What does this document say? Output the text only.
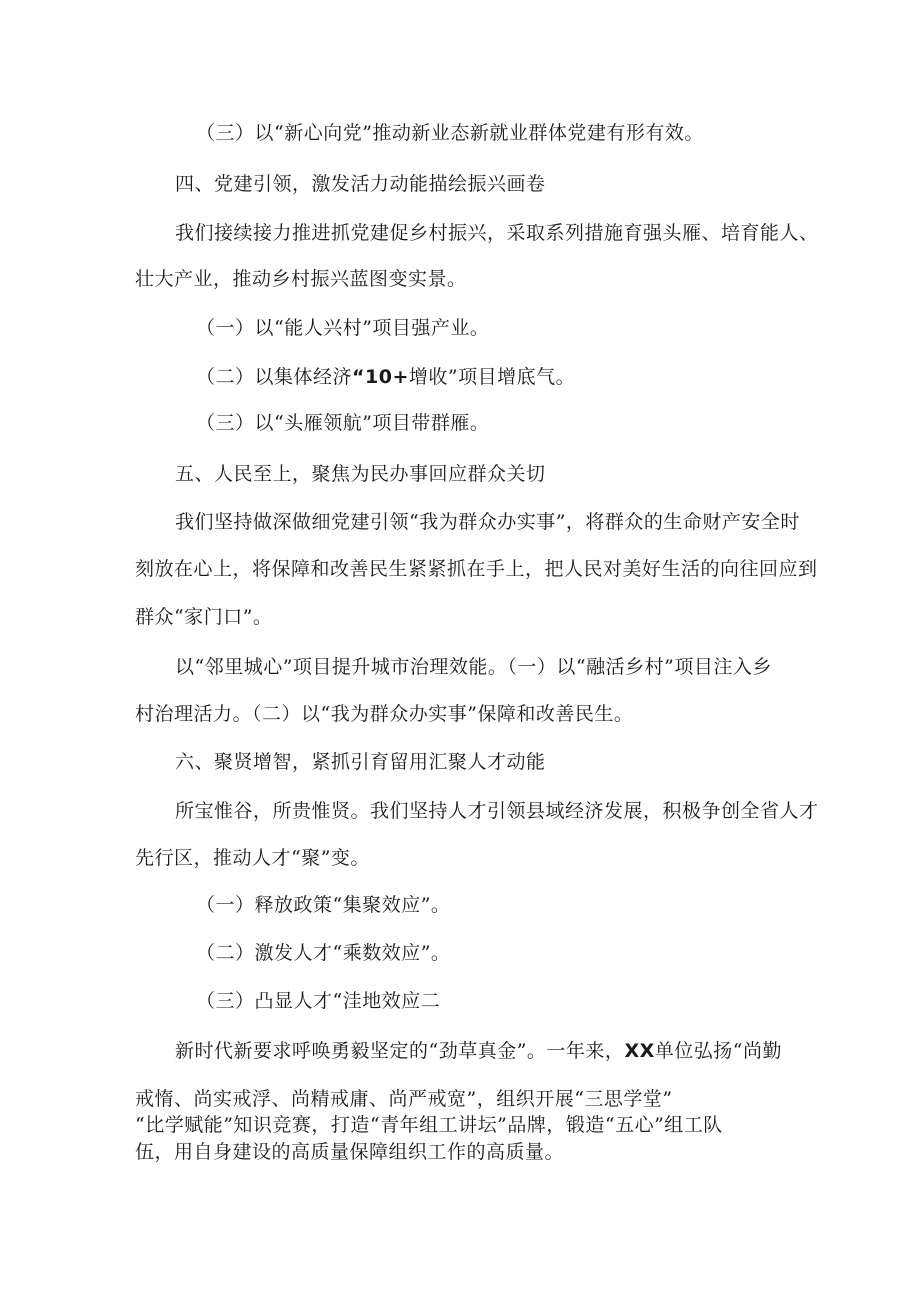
（三）以“新心向党”推动新业态新就业群体党建有形有效。
四、党建引领，激发活力动能描绘振兴画卷
我们接续接力推进抓党建促乡村振兴，采取系列措施育强头雁、培育能人、
壮大产业，推动乡村振兴蓝图变实景。
（一）以“能人兴村”项目强产业。
（二）以集体经济“10+增收”项目增底气。
（三）以“头雁领航”项目带群雁。
五、人民至上，聚焦为民办事回应群众关切
我们坚持做深做细党建引领“我为群众办实事”，将群众的生命财产安全时
刻放在心上，将保障和改善民生紧紧抓在手上，把人民对美好生活的向往回应到
群众“家门口”。
以“邻里城心”项目提升城市治理效能。（一）以“融活乡村”项目注入乡
村治理活力。（二）以“我为群众办实事”保障和改善民生。
六、聚贤增智，紧抓引育留用汇聚人才动能
所宝惟谷，所贵惟贤。我们坚持人才引领县域经济发展，积极争创全省人才
先行区，推动人才“聚”变。
（一）释放政策“集聚效应”。
（二）激发人才“乘数效应”。
（三）凸显人才“洼地效应二
新时代新要求呼唤勇毅坚定的“劲草真金”。一年来，XX单位弘扬“尚勤
戒惰、尚实戒浮、尚精戒庸、尚严戒宽”，组织开展“三思学堂”
“比学赋能”知识竞赛，打造“青年组工讲坛”品牌，锻造“五心”组工队
伍，用自身建设的高质量保障组织工作的高质量。
